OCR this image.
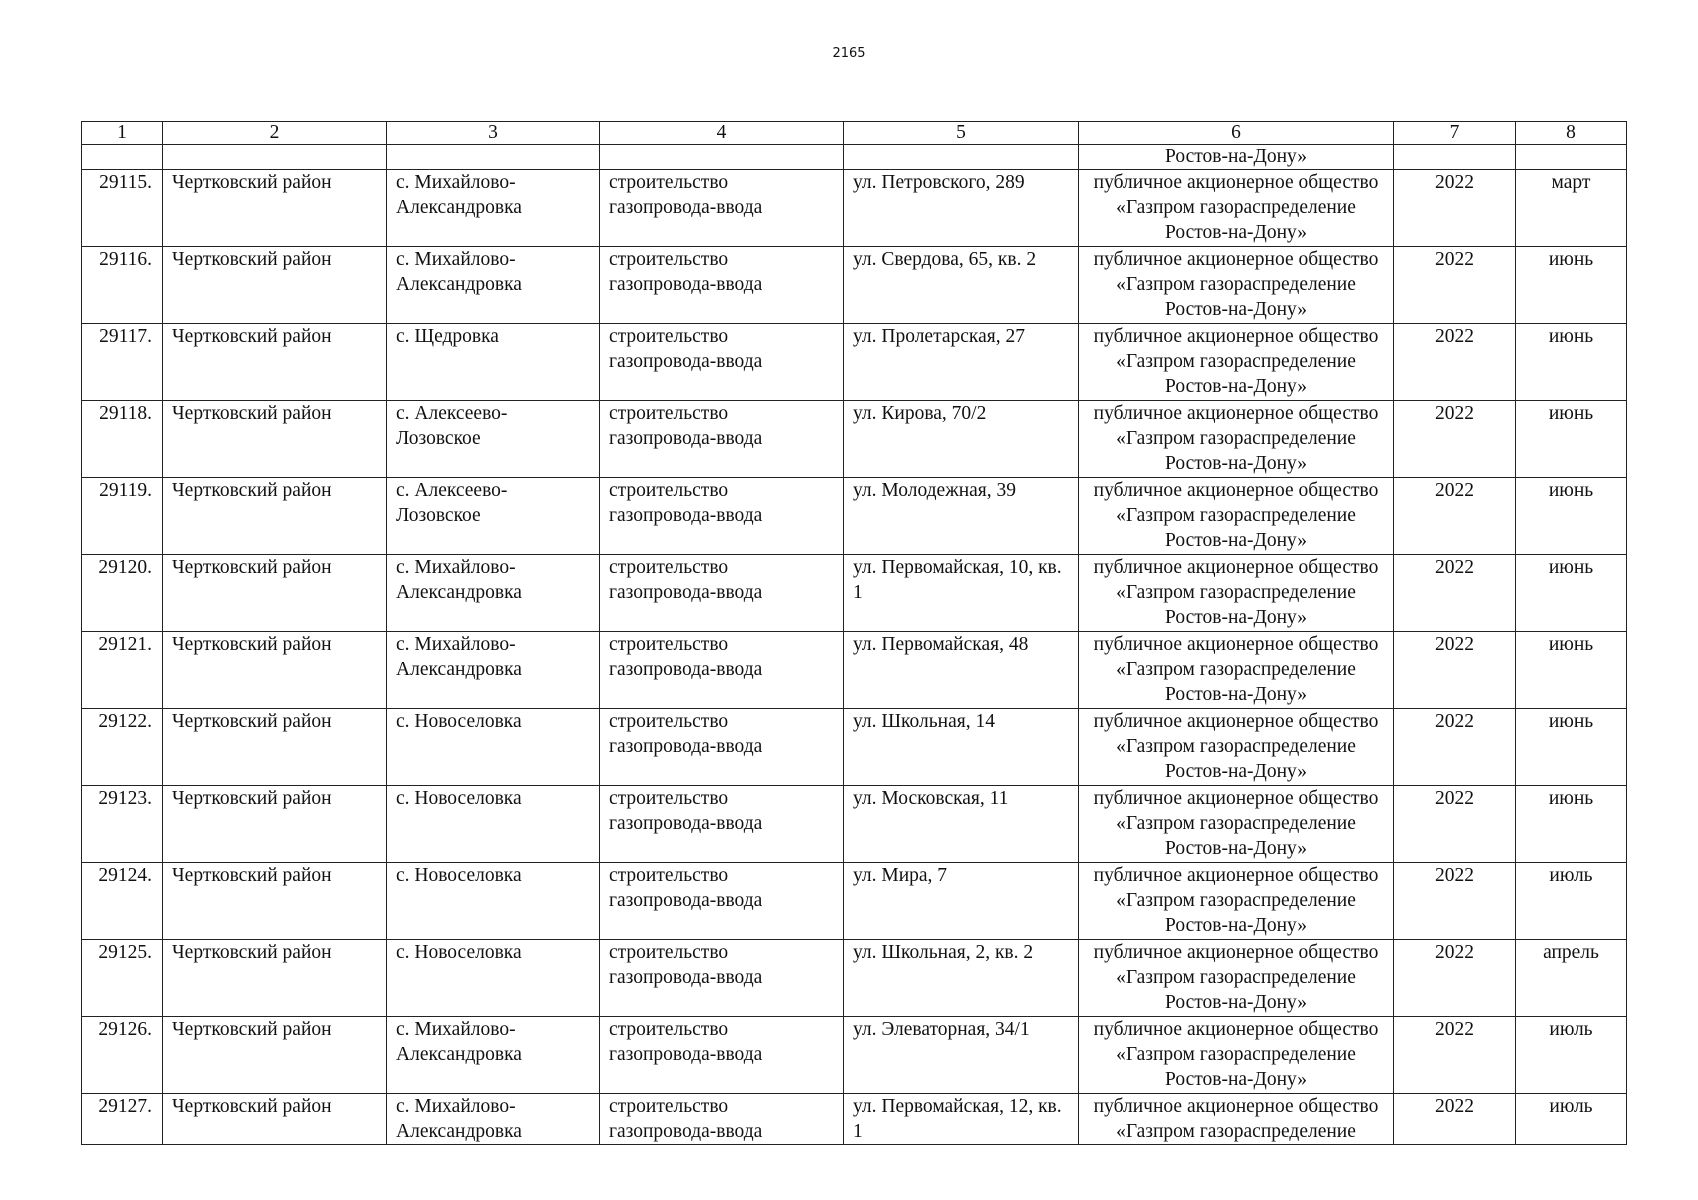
2165
1	2	3	4	5	6	7	8
					Ростов-на-Дону»		
29115.	Чертковский район	с. Михайлово-Александровка	строительство газопровода-ввода	ул. Петровского, 289	публичное акционерное общество «Газпром газораспределение Ростов-на-Дону»	2022	март
29116.	Чертковский район	с. Михайлово-Александровка	строительство газопровода-ввода	ул. Свердова, 65, кв. 2	публичное акционерное общество «Газпром газораспределение Ростов-на-Дону»	2022	июнь
29117.	Чертковский район	с. Щедровка	строительство газопровода-ввода	ул. Пролетарская, 27	публичное акционерное общество «Газпром газораспределение Ростов-на-Дону»	2022	июнь
29118.	Чертковский район	с. Алексеево-Лозовское	строительство газопровода-ввода	ул. Кирова, 70/2	публичное акционерное общество «Газпром газораспределение Ростов-на-Дону»	2022	июнь
29119.	Чертковский район	с. Алексеево-Лозовское	строительство газопровода-ввода	ул. Молодежная, 39	публичное акционерное общество «Газпром газораспределение Ростов-на-Дону»	2022	июнь
29120.	Чертковский район	с. Михайлово-Александровка	строительство газопровода-ввода	ул. Первомайская, 10, кв. 1	публичное акционерное общество «Газпром газораспределение Ростов-на-Дону»	2022	июнь
29121.	Чертковский район	с. Михайлово-Александровка	строительство газопровода-ввода	ул. Первомайская, 48	публичное акционерное общество «Газпром газораспределение Ростов-на-Дону»	2022	июнь
29122.	Чертковский район	с. Новоселовка	строительство газопровода-ввода	ул. Школьная, 14	публичное акционерное общество «Газпром газораспределение Ростов-на-Дону»	2022	июнь
29123.	Чертковский район	с. Новоселовка	строительство газопровода-ввода	ул. Московская, 11	публичное акционерное общество «Газпром газораспределение Ростов-на-Дону»	2022	июнь
29124.	Чертковский район	с. Новоселовка	строительство газопровода-ввода	ул. Мира, 7	публичное акционерное общество «Газпром газораспределение Ростов-на-Дону»	2022	июль
29125.	Чертковский район	с. Новоселовка	строительство газопровода-ввода	ул. Школьная, 2, кв. 2	публичное акционерное общество «Газпром газораспределение Ростов-на-Дону»	2022	апрель
29126.	Чертковский район	с. Михайлово-Александровка	строительство газопровода-ввода	ул. Элеваторная, 34/1	публичное акционерное общество «Газпром газораспределение Ростов-на-Дону»	2022	июль
29127.	Чертковский район	с. Михайлово-Александровка	строительство газопровода-ввода	ул. Первомайская, 12, кв. 1	публичное акционерное общество «Газпром газораспределение	2022	июль
